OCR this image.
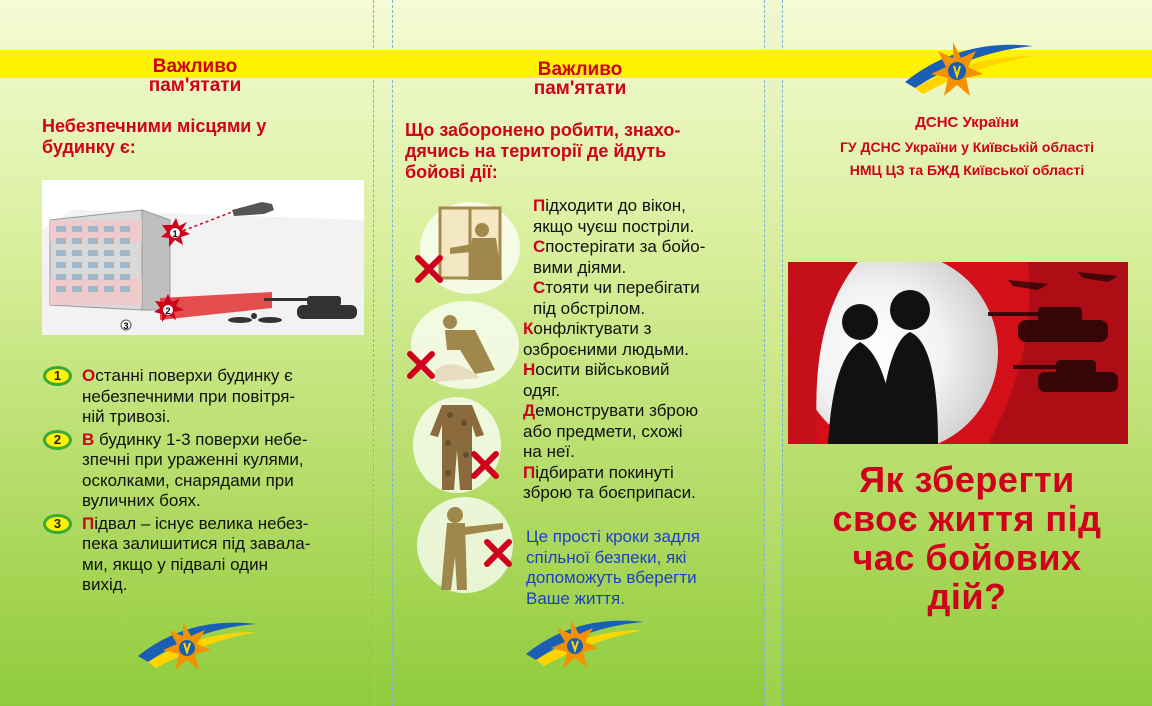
Важливо
пам'ятати
Небезпечними місцями у
будинку є:
1
2
3
1	Остaнні поверхи будинку є
небезпечними при повітря-
ній тривозі.
2	В будинку 1-3 поверхи небе-
зпечні при ураженні кулями,
осколками, снарядами при
вуличних боях.
3	Підвал – існує велика небез-
пека залишитися під завала-
ми, якщо у підвалі один
вихід.
Важливо
пам'ятати
Що заборонено робити, знахо-
дячись на території де йдуть
бойові дії:

Підходити до вікон,
якщо чуєш постріли.

Спостерігати за бойо-
вими діями.

Стояти чи перебігати
під обстрілом.

Конфліктувати з
озброєними людьми.

Носити військовий
одяг.

Демонструвати зброю
або предмети, схожі
на неї.

Підбирати покинуті
зброю та боєприпаси.

Це прості кроки задля
спільної безпеки, які
допоможуть вберегти
Ваше життя.
ДСНС України
ГУ ДСНС України у Київській області
НМЦ ЦЗ та БЖД Київської області
Як зберегти
своє життя під
час бойових
дій?
